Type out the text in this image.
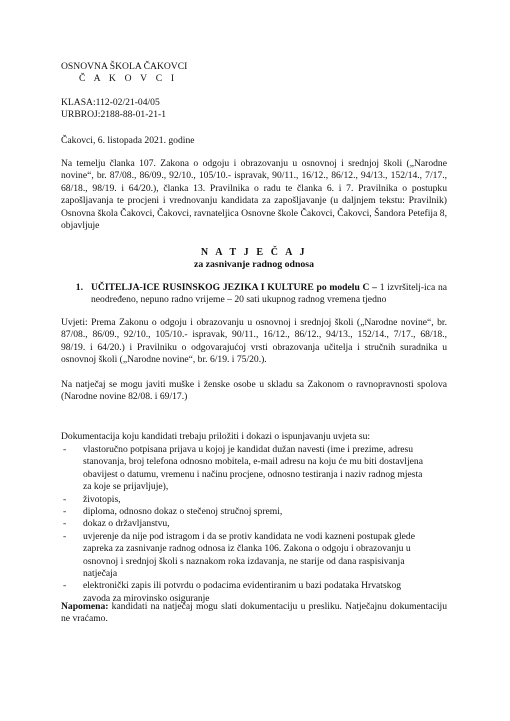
OSNOVNA ŠKOLA ČAKOVCI
Č A K O V C I
KLASA:112-02/21-04/05
URBROJ:2188-88-01-21-1
Čakovci, 6. listopada 2021. godine
Na temelju članka 107. Zakona o odgoju i obrazovanju u osnovnoj i srednjoj školi („Narodne novine“, br. 87/08., 86/09., 92/10., 105/10.- ispravak, 90/11., 16/12., 86/12., 94/13., 152/14., 7/17., 68/18., 98/19. i 64/20.), članka 13. Pravilnika o radu te članka 6. i 7. Pravilnika o postupku zapošljavanja te procjeni i vrednovanju kandidata za zapošljavanje (u daljnjem tekstu: Pravilnik) Osnovna škola Čakovci, Čakovci, ravnateljica Osnovne škole Čakovci, Čakovci, Šandora Petefija 8, objavljuje
N A T J E Č A J
za zasnivanje radnog odnosa
1. UČITELJA-ICE RUSINSKOG JEZIKA I KULTURE po modelu C – 1 izvršitelj-ica na neodređeno, nepuno radno vrijeme – 20 sati ukupnog radnog vremena tjedno
Uvjeti: Prema Zakonu o odgoju i obrazovanju u osnovnoj i srednjoj školi („Narodne novine“, br. 87/08., 86/09., 92/10., 105/10.- ispravak, 90/11., 16/12., 86/12., 94/13., 152/14., 7/17., 68/18., 98/19. i 64/20.) i Pravilniku o odgovarajućoj vrsti obrazovanja učitelja i stručnih suradnika u osnovnoj školi („Narodne novine“, br. 6/19. i 75/20.).
Na natječaj se mogu javiti muške i ženske osobe u skladu sa Zakonom o ravnopravnosti spolova (Narodne novine 82/08. i 69/17.)
Dokumentacija koju kandidati trebaju priložiti i dokazi o ispunjavanju uvjeta su:
-	vlastoručno potpisana prijava u kojoj je kandidat dužan navesti (ime i prezime, adresu stanovanja, broj telefona odnosno mobitela, e-mail adresu na koju će mu biti dostavljena obavijest o datumu, vremenu i načinu procjene, odnosno testiranja i naziv radnog mjesta za koje se prijavljuje),
-	životopis,
-	diploma, odnosno dokaz o stečenoj stručnoj spremi,
-	dokaz o državljanstvu,
-	uvjerenje da nije pod istragom i da se protiv kandidata ne vodi kazneni postupak glede zapreka za zasnivanje radnog odnosa iz članka 106. Zakona o odgoju i obrazovanju u osnovnoj i srednjoj školi s naznakom roka izdavanja, ne starije od dana raspisivanja natječaja
-	elektronički zapis ili potvrdu o podacima evidentiranim u bazi podataka Hrvatskog zavoda za mirovinsko osiguranje
Napomena: kandidati na natječaj mogu slati dokumentaciju u presliku. Natječajnu dokumentaciju ne vraćamo.
